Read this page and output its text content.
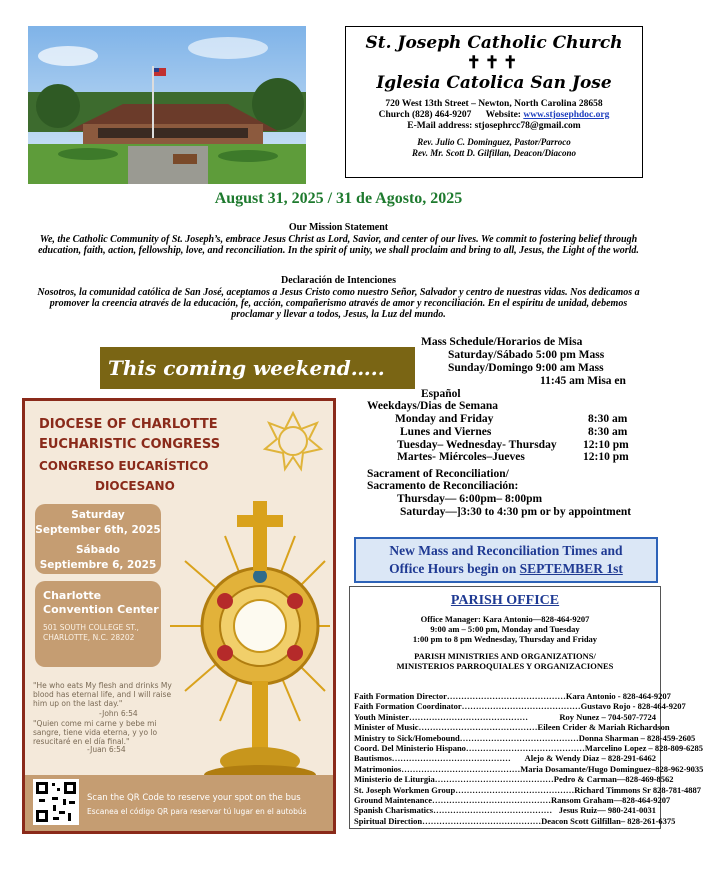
St. Joseph Catholic Church
✝✝✝
Iglesia Catolica San Jose
720 West 13th Street – Newton, North Carolina 28658
Church (828) 464-9207 Website: www.stjosephdoc.org
E-Mail address: stjosephrcc78@gmail.com
Rev. Julio C. Dominguez, Pastor/Parroco
Rev. Mr. Scott D. Gilfillan, Deacon/Diacono
August 31, 2025 / 31 de Agosto, 2025
Our Mission Statement
We, the Catholic Community of St. Joseph’s, embrace Jesus Christ as Lord, Savior, and center of our lives. We commit to fostering belief through education, faith, action, fellowship, love, and reconciliation. In the spirit of unity, we shall proclaim and bring to all, Jesus, the Light of the world.
Declaración de Intenciones
Nosotros, la comunidad católica de San José, aceptamos a Jesus Cristo como nuestro Señor, Salvador y centro de nuestras vidas. Nos dedicamos a promover la creencia através de la educación, fe, acción, compañerismo através de amor y reconciliación. En el espíritu de unidad, debemos proclamar y llevar a todos, Jesus, la Luz del mundo.
This coming weekend…..
Mass Schedule/Horarios de Misa
Saturday/Sábado 5:00 pm Mass
Sunday/Domingo 9:00 am Mass
11:45 am Misa en
Español
Weekdays/Dias de Semana
Monday and Friday	8:30 am
Lunes and Viernes	8:30 am
Tuesday– Wednesday- Thursday 12:10 pm
Martes- Miércoles–Jueves	12:10 pm
Sacrament of Reconciliation/
Sacramento de Reconciliación:
Thursday— 6:00pm– 8:00pm
Saturday—]3:30 to 4:30 pm or by appointment
New Mass and Reconciliation Times and
Office Hours begin on SEPTEMBER 1st
PARISH OFFICE
Office Manager: Kara Antonio—828-464-9207
9:00 am – 5:00 pm, Monday and Tuesday
1:00 pm to 8 pm Wednesday, Thursday and Friday
PARISH MINISTRIES AND ORGANIZATIONS/
MINISTERIOS PARROQUIALES Y ORGANIZACIONES
Faith Formation Director …………………………………… Kara Antonio - 828-464-9207
Faith Formation Coordinator …………………………………… Gustavo Rojo - 828-464-9207
Youth Minister ……………………………………	Roy Nunez – 704-507-7724
Minister of Music …………………………………… Eileen Crider & Mariah Richardson
Ministry to Sick/Homebound …………………………………… Donna Sharman – 828-459-2605
Coord. Del Ministerio Hispano …………………………………… Marcelino Lopez – 828-809-6285
Bautismos ……………………………………	Alejo & Wendy Diaz – 828-291-6462
Matrimonios …………………………………… Maria Dosamante/Hugo Dominguez–828-962-9035
Ministerio de Liturgia …………………………………… Pedro & Carman—828-469-8562
St. Joseph Workmen Group …………………………………… Richard Timmons Sr 828-781-4887
Ground Maintenance …………………………………… Ransom Graham—828-464-9207
Spanish Charismatics …………………………………… Jesus Ruiz— 980-241-0031
Spiritual Direction …………………………………… Deacon Scott Gilfillan– 828-261-6375
DIOCESE OF CHARLOTTE
EUCHARISTIC CONGRESS
CONGRESO EUCARÍSTICO
DIOCESANO
Saturday
September 6th, 2025
Sábado
Septiembre 6, 2025
Charlotte
Convention Center
501 SOUTH COLLEGE ST.,
CHARLOTTE, N.C. 28202
"He who eats My flesh and drinks My blood has eternal life, and I will raise him up on the last day."
-John 6:54
"Quien come mi carne y bebe mi sangre, tiene vida eterna, y yo lo resucitaré en el día final."
-Juan 6:54
Scan the QR Code to reserve your spot on the bus
Escanea el código QR para reservar tú lugar en el autobús
